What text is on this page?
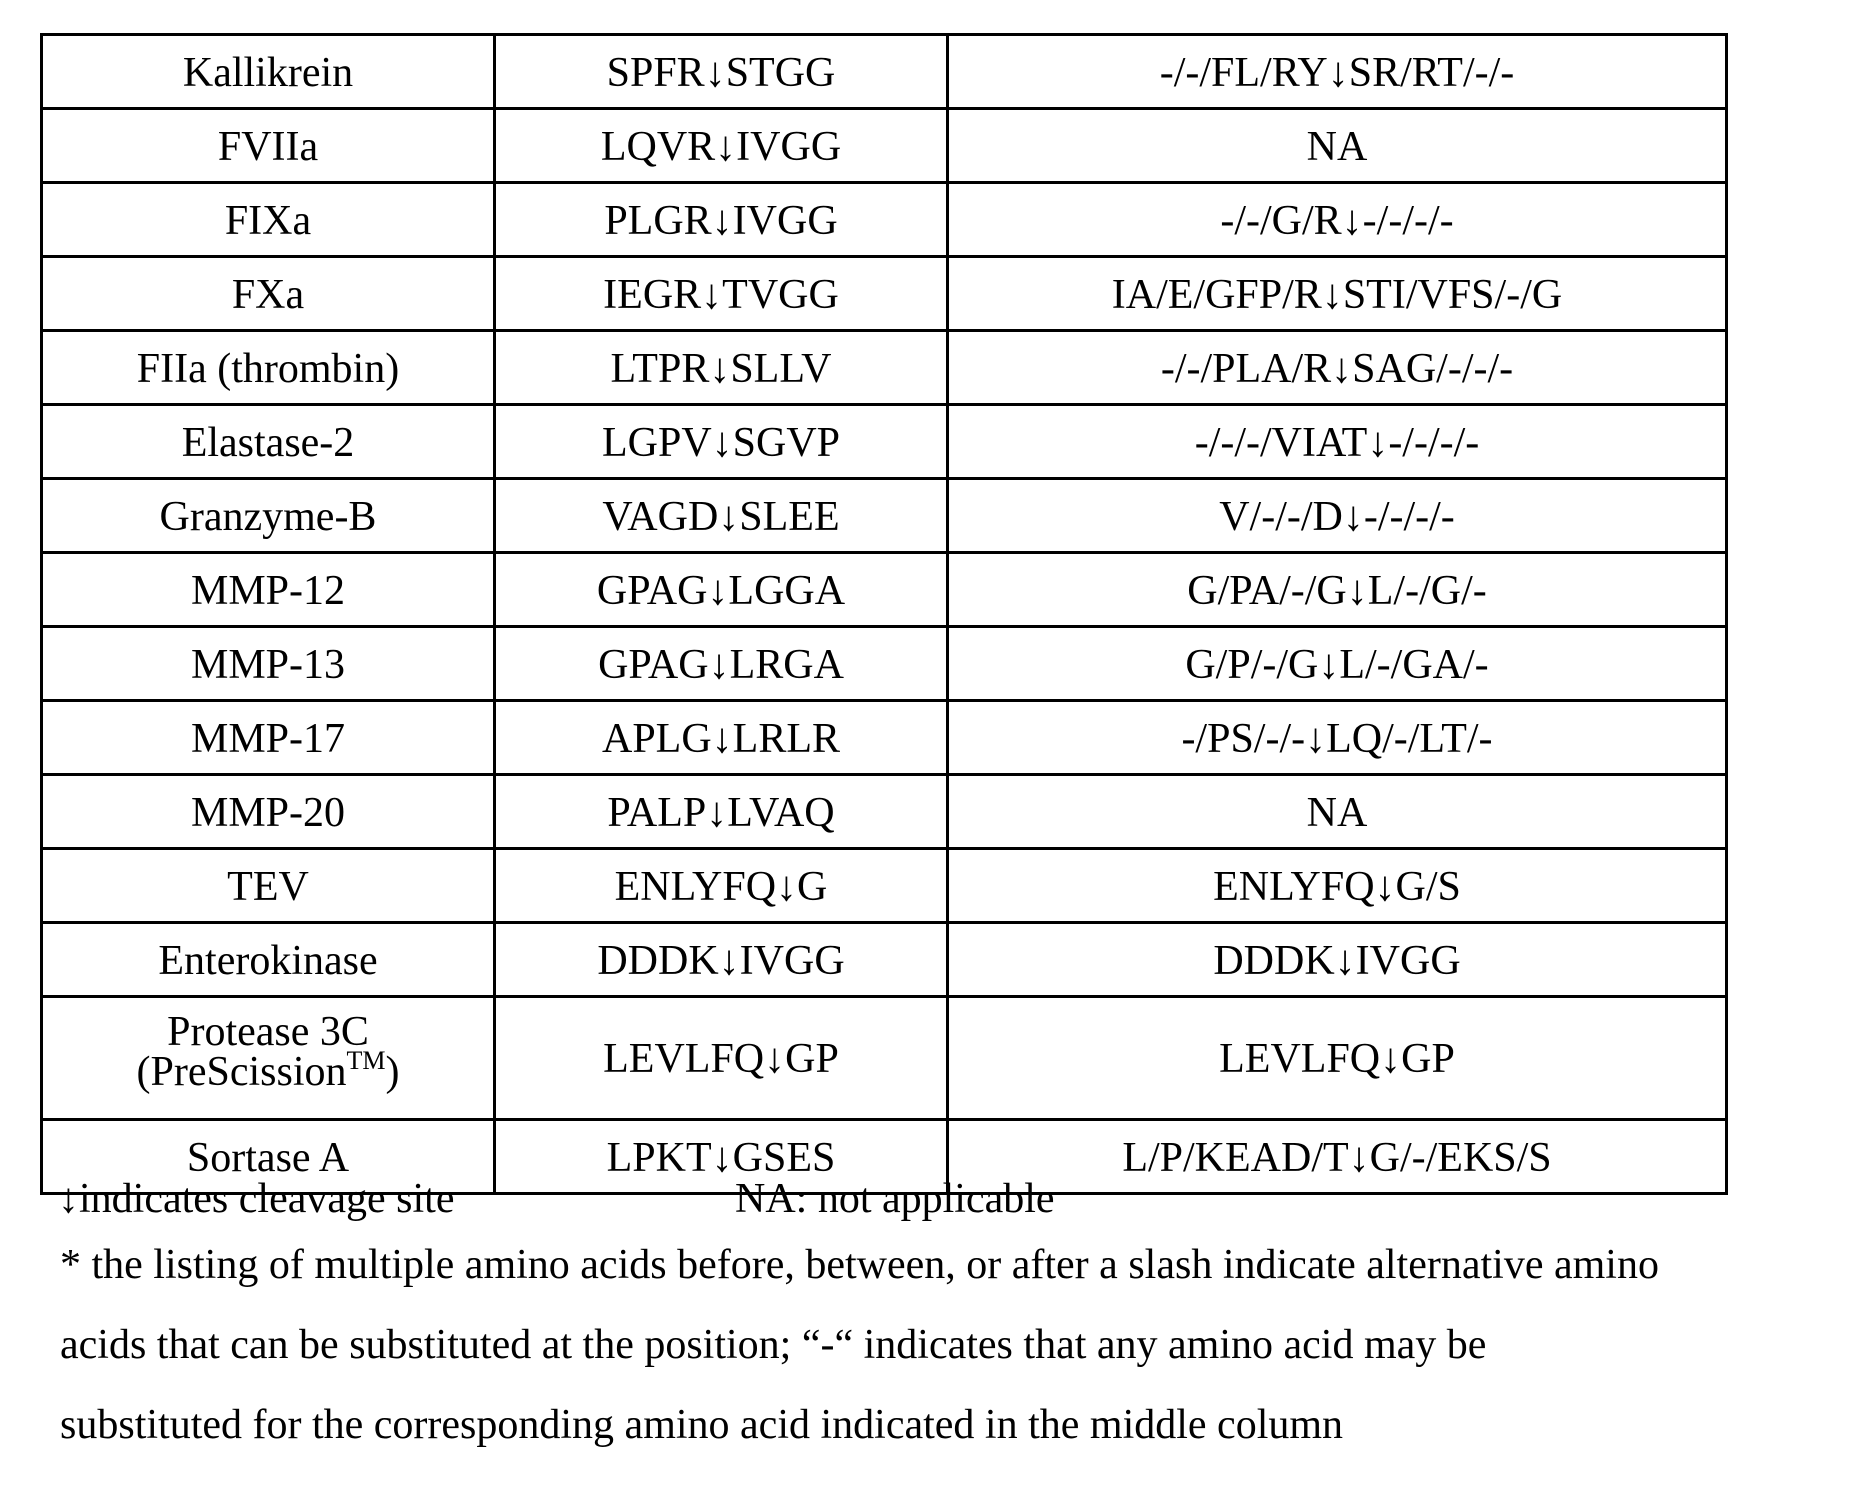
Kallikrein	SPFR↓STGG	-/-/FL/RY↓SR/RT/-/-
FVIIa	LQVR↓IVGG	NA
FIXa	PLGR↓IVGG	-/-/G/R↓-/-/-/-
FXa	IEGR↓TVGG	IA/E/GFP/R↓STI/VFS/-/G
FIIa (thrombin)	LTPR↓SLLV	-/-/PLA/R↓SAG/-/-/-
Elastase-2	LGPV↓SGVP	-/-/-/VIAT↓-/-/-/-
Granzyme-B	VAGD↓SLEE	V/-/-/D↓-/-/-/-
MMP-12	GPAG↓LGGA	G/PA/-/G↓L/-/G/-
MMP-13	GPAG↓LRGA	G/P/-/G↓L/-/GA/-
MMP-17	APLG↓LRLR	-/PS/-/-↓LQ/-/LT/-
MMP-20	PALP↓LVAQ	NA
TEV	ENLYFQ↓G	ENLYFQ↓G/S
Enterokinase	DDDK↓IVGG	DDDK↓IVGG

Protease 3C
(PreScission™)	LEVLFQ↓GP	LEVLFQ↓GP
Sortase A	LPKT↓GSES	L/P/KEAD/T↓G/-/EKS/S
↓indicates cleavage site	NA: not applicable
* the listing of multiple amino acids before, between, or after a slash indicate alternative amino
acids that can be substituted at the position; “-“ indicates that any amino acid may be
substituted for the corresponding amino acid indicated in the middle column
